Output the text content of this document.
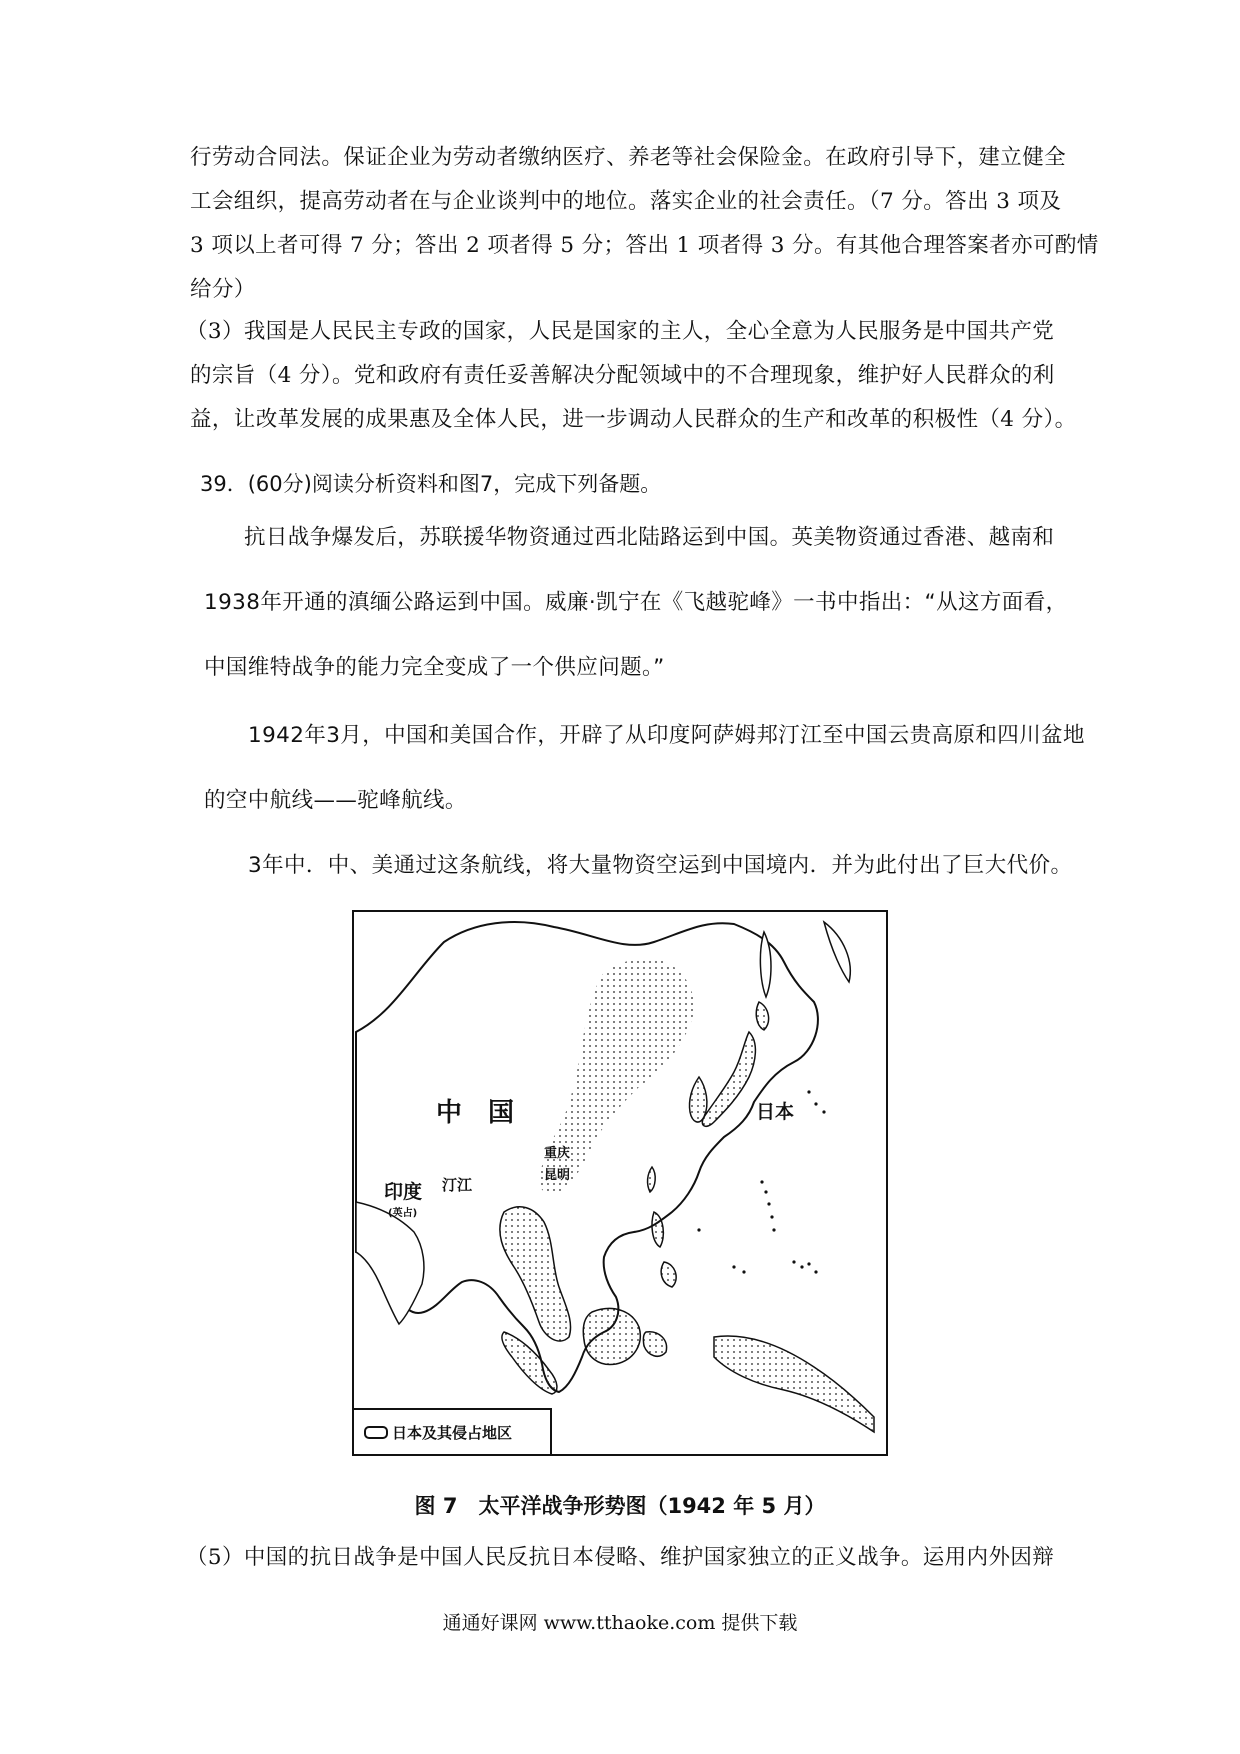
行劳动合同法。保证企业为劳动者缴纳医疗、养老等社会保险金。在政府引导下，建立健全
工会组织，提高劳动者在与企业谈判中的地位。落实企业的社会责任。（7 分。答出 3 项及
3 项以上者可得 7 分；答出 2 项者得 5 分；答出 1 项者得 3 分。有其他合理答案者亦可酌情
给分）
（3）我国是人民民主专政的国家，人民是国家的主人，全心全意为人民服务是中国共产党
的宗旨（4 分）。党和政府有责任妥善解决分配领域中的不合理现象，维护好人民群众的利
益，让改革发展的成果惠及全体人民，进一步调动人民群众的生产和改革的积极性（4 分）。
39．(60分)阅读分析资料和图7，完成下列备题。
抗日战争爆发后，苏联援华物资通过西北陆路运到中国。英美物资通过香港、越南和
1938年开通的滇缅公路运到中国。威廉·凯宁在《飞越驼峰》一书中指出：“从这方面看，
中国维特战争的能力完全变成了一个供应问题。”
1942年3月，中国和美国合作，开辟了从印度阿萨姆邦汀江至中国云贵高原和四川盆地
的空中航线——驼峰航线。
3年中．中、美通过这条航线，将大量物资空运到中国境内．并为此付出了巨大代价。
中　国	日本
重庆
昆明
印度
(英占)
汀江
日本及其侵占地区
图 7　太平洋战争形势图（1942 年 5 月）
（5）中国的抗日战争是中国人民反抗日本侵略、维护国家独立的正义战争。运用内外因辩
通通好课网 www.tthaoke.com 提供下载
